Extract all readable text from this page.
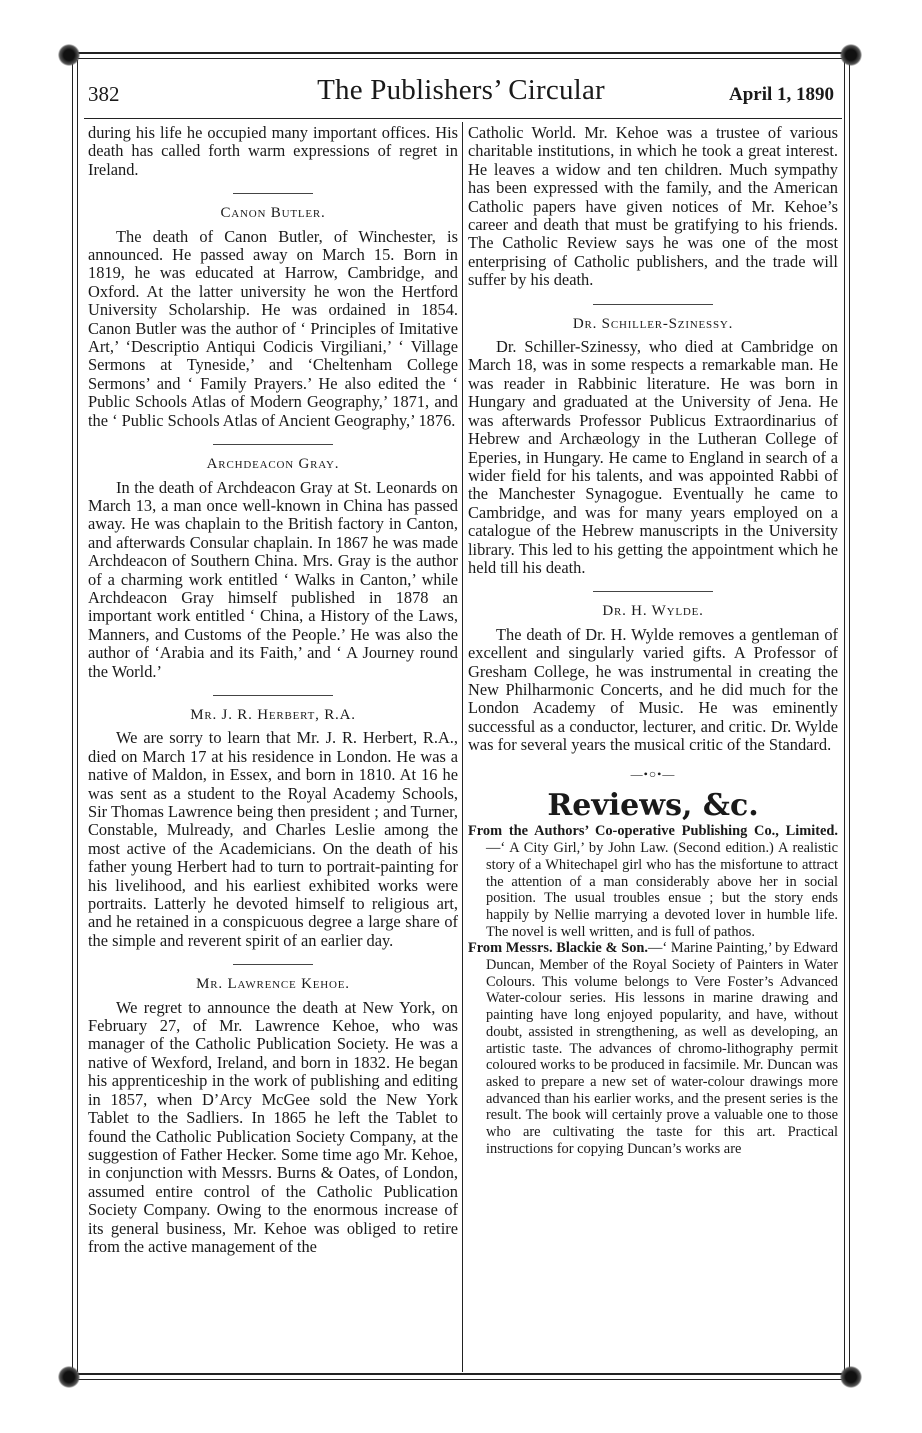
382	The Publishers’ Circular	April 1, 1890

during his life he occupied many important offices. His death has called forth warm expressions of regret in Ireland.

Canon Butler.

The death of Canon Butler, of Winchester, is announced. He passed away on March 15. Born in 1819, he was educated at Harrow, Cambridge, and Oxford. At the latter university he won the Hertford University Scholarship. He was ordained in 1854. Canon Butler was the author of ‘ Principles of Imitative Art,’ ‘Descriptio Antiqui Codicis Virgiliani,’ ‘ Village Sermons at Tyneside,’ and ‘Cheltenham College Sermons’ and ‘ Family Prayers.’ He also edited the ‘ Public Schools Atlas of Modern Geography,’ 1871, and the ‘ Public Schools Atlas of Ancient Geography,’ 1876.

Archdeacon Gray.

In the death of Archdeacon Gray at St. Leonards on March 13, a man once well-known in China has passed away. He was chaplain to the British factory in Canton, and afterwards Consular chaplain. In 1867 he was made Archdeacon of Southern China. Mrs. Gray is the author of a charming work entitled ‘ Walks in Canton,’ while Archdeacon Gray himself published in 1878 an important work entitled ‘ China, a History of the Laws, Manners, and Customs of the People.’ He was also the author of ‘Arabia and its Faith,’ and ‘ A Journey round the World.’

Mr. J. R. Herbert, R.A.

We are sorry to learn that Mr. J. R. Herbert, R.A., died on March 17 at his residence in London. He was a native of Maldon, in Essex, and born in 1810. At 16 he was sent as a student to the Royal Academy Schools, Sir Thomas Lawrence being then president ; and Turner, Constable, Mulready, and Charles Leslie among the most active of the Academicians. On the death of his father young Herbert had to turn to portrait-painting for his livelihood, and his earliest exhibited works were portraits. Latterly he devoted himself to religious art, and he retained in a conspicuous degree a large share of the simple and reverent spirit of an earlier day.

Mr. Lawrence Kehoe.

We regret to announce the death at New York, on February 27, of Mr. Lawrence Kehoe, who was manager of the Catholic Publication Society. He was a native of Wexford, Ireland, and born in 1832. He began his apprenticeship in the work of publishing and editing in 1857, when D’Arcy McGee sold the New York Tablet to the Sadliers. In 1865 he left the Tablet to found the Catholic Publication Society Company, at the suggestion of Father Hecker. Some time ago Mr. Kehoe, in conjunction with Messrs. Burns & Oates, of London, assumed entire control of the Catholic Publication Society Company. Owing to the enormous increase of its general business, Mr. Kehoe was obliged to retire from the active management of the

Catholic World. Mr. Kehoe was a trustee of various charitable institutions, in which he took a great interest. He leaves a widow and ten children. Much sympathy has been expressed with the family, and the American Catholic papers have given notices of Mr. Kehoe’s career and death that must be gratifying to his friends. The Catholic Review says he was one of the most enterprising of Catholic publishers, and the trade will suffer by his death.

Dr. Schiller-Szinessy.

Dr. Schiller-Szinessy, who died at Cambridge on March 18, was in some respects a remarkable man. He was reader in Rabbinic literature. He was born in Hungary and graduated at the University of Jena. He was afterwards Professor Publicus Extraordinarius of Hebrew and Archæology in the Lutheran College of Eperies, in Hungary. He came to England in search of a wider field for his talents, and was appointed Rabbi of the Manchester Synagogue. Eventually he came to Cambridge, and was for many years employed on a catalogue of the Hebrew manuscripts in the University library. This led to his getting the appointment which he held till his death.

Dr. H. Wylde.

The death of Dr. H. Wylde removes a gentleman of excellent and singularly varied gifts. A Professor of Gresham College, he was instrumental in creating the New Philharmonic Concerts, and he did much for the London Academy of Music. He was eminently successful as a conductor, lecturer, and critic. Dr. Wylde was for several years the musical critic of the Standard.

—•○•—
Reviews, &c.

From the Authors’ Co-operative Publishing Co., Limited.—‘ A City Girl,’ by John Law. (Second edition.) A realistic story of a Whitechapel girl who has the misfortune to attract the attention of a man considerably above her in social position. The usual troubles ensue ; but the story ends happily by Nellie marrying a devoted lover in humble life. The novel is well written, and is full of pathos.

From Messrs. Blackie & Son.—‘ Marine Painting,’ by Edward Duncan, Member of the Royal Society of Painters in Water Colours. This volume belongs to Vere Foster’s Advanced Water-colour series. His lessons in marine drawing and painting have long enjoyed popularity, and have, without doubt, assisted in strengthening, as well as developing, an artistic taste. The advances of chromo-lithography permit coloured works to be produced in facsimile. Mr. Duncan was asked to prepare a new set of water-colour drawings more advanced than his earlier works, and the present series is the result. The book will certainly prove a valuable one to those who are cultivating the taste for this art. Practical instructions for copying Duncan’s works are
